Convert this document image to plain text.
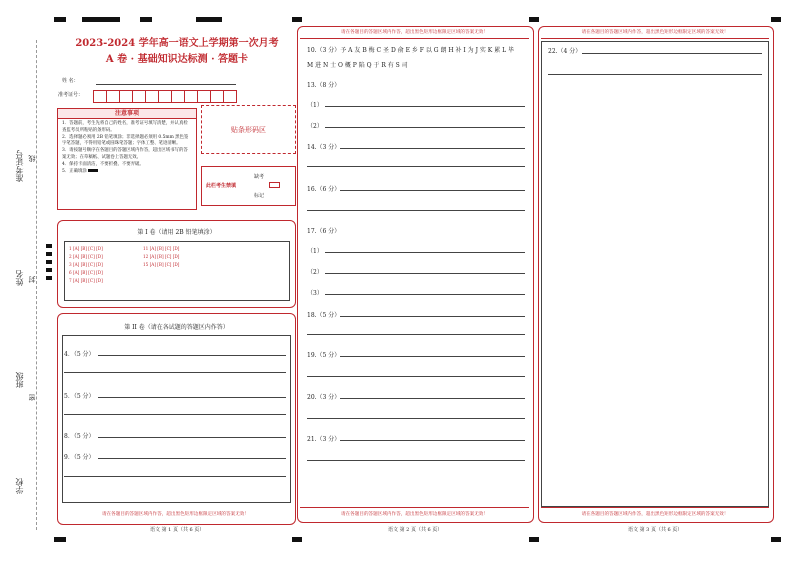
准考证号
姓名
班级
学校
线
封
密
2023-2024 学年高一语文上学期第一次月考
A 卷 · 基础知识达标测 · 答题卡
姓 名：
准考证号：
注意事项
1．答题前，考生先将自己的姓名，准考证号填写清楚，并认真检查监考员所粘贴的条形码。
2．选择题必须用 2B 铅笔填涂；非选择题必须用 0.5mm 黑色签字笔答题，不得用铅笔或圆珠笔答题；字体工整、笔迹清晰。
3．请按题号顺序在各题目的答题区域内作答，超出区域书写的答案无效；在草稿纸、试题卷上答题无效。
4．保持卡面清洁，不要折叠、不要弄破。
5．正确填涂
贴条形码区
此栏考生禁填
缺考
标记
第 I 卷（请用 2B 铅笔填涂）
1 [A] [B] [C] [D]
2 [A] [B] [C] [D]
3 [A] [B] [C] [D]
6 [A] [B] [C] [D]
7 [A] [B] [C] [D]
11 [A] [B] [C] [D]
12 [A] [B] [C] [D]
15 [A] [B] [C] [D]
第 II 卷（请在各试题的答题区内作答）
4．（5 分）
5．（5 分）
8．（5 分）
9．（5 分）
请在各题目的答题区域内作答，超出黑色矩形边框限定区域的答案无效！
语文 第 1 页（共 6 页）
请在各题目的答题区域内作答，超出黑色矩形边框限定区域的答案无效！
10.（3 分）予 A 友 B 梅 C 圣 D 俞 E 乡 F 以 G 朗 H 补 I 为 J 实 K 累 L 毕
M 进 N 士 O 概 P 陷 Q 于 R 有 S 司
13.（8 分）
（1）
（2）
14.（3 分）
16.（6 分）
17.（6 分）
（1）
（2）
（3）
18.（5 分）
19.（5 分）
20.（3 分）
21.（3 分）
请在各题目的答题区域内作答，超出黑色矩形边框限定区域的答案无效！
语文 第 2 页（共 6 页）
请在各题目的答题区域内作答，超出黑色矩形边框限定区域的答案无效！
22.（4 分）
请在各题目的答题区域内作答，超出黑色矩形边框限定区域的答案无效！
语文 第 3 页（共 6 页）
